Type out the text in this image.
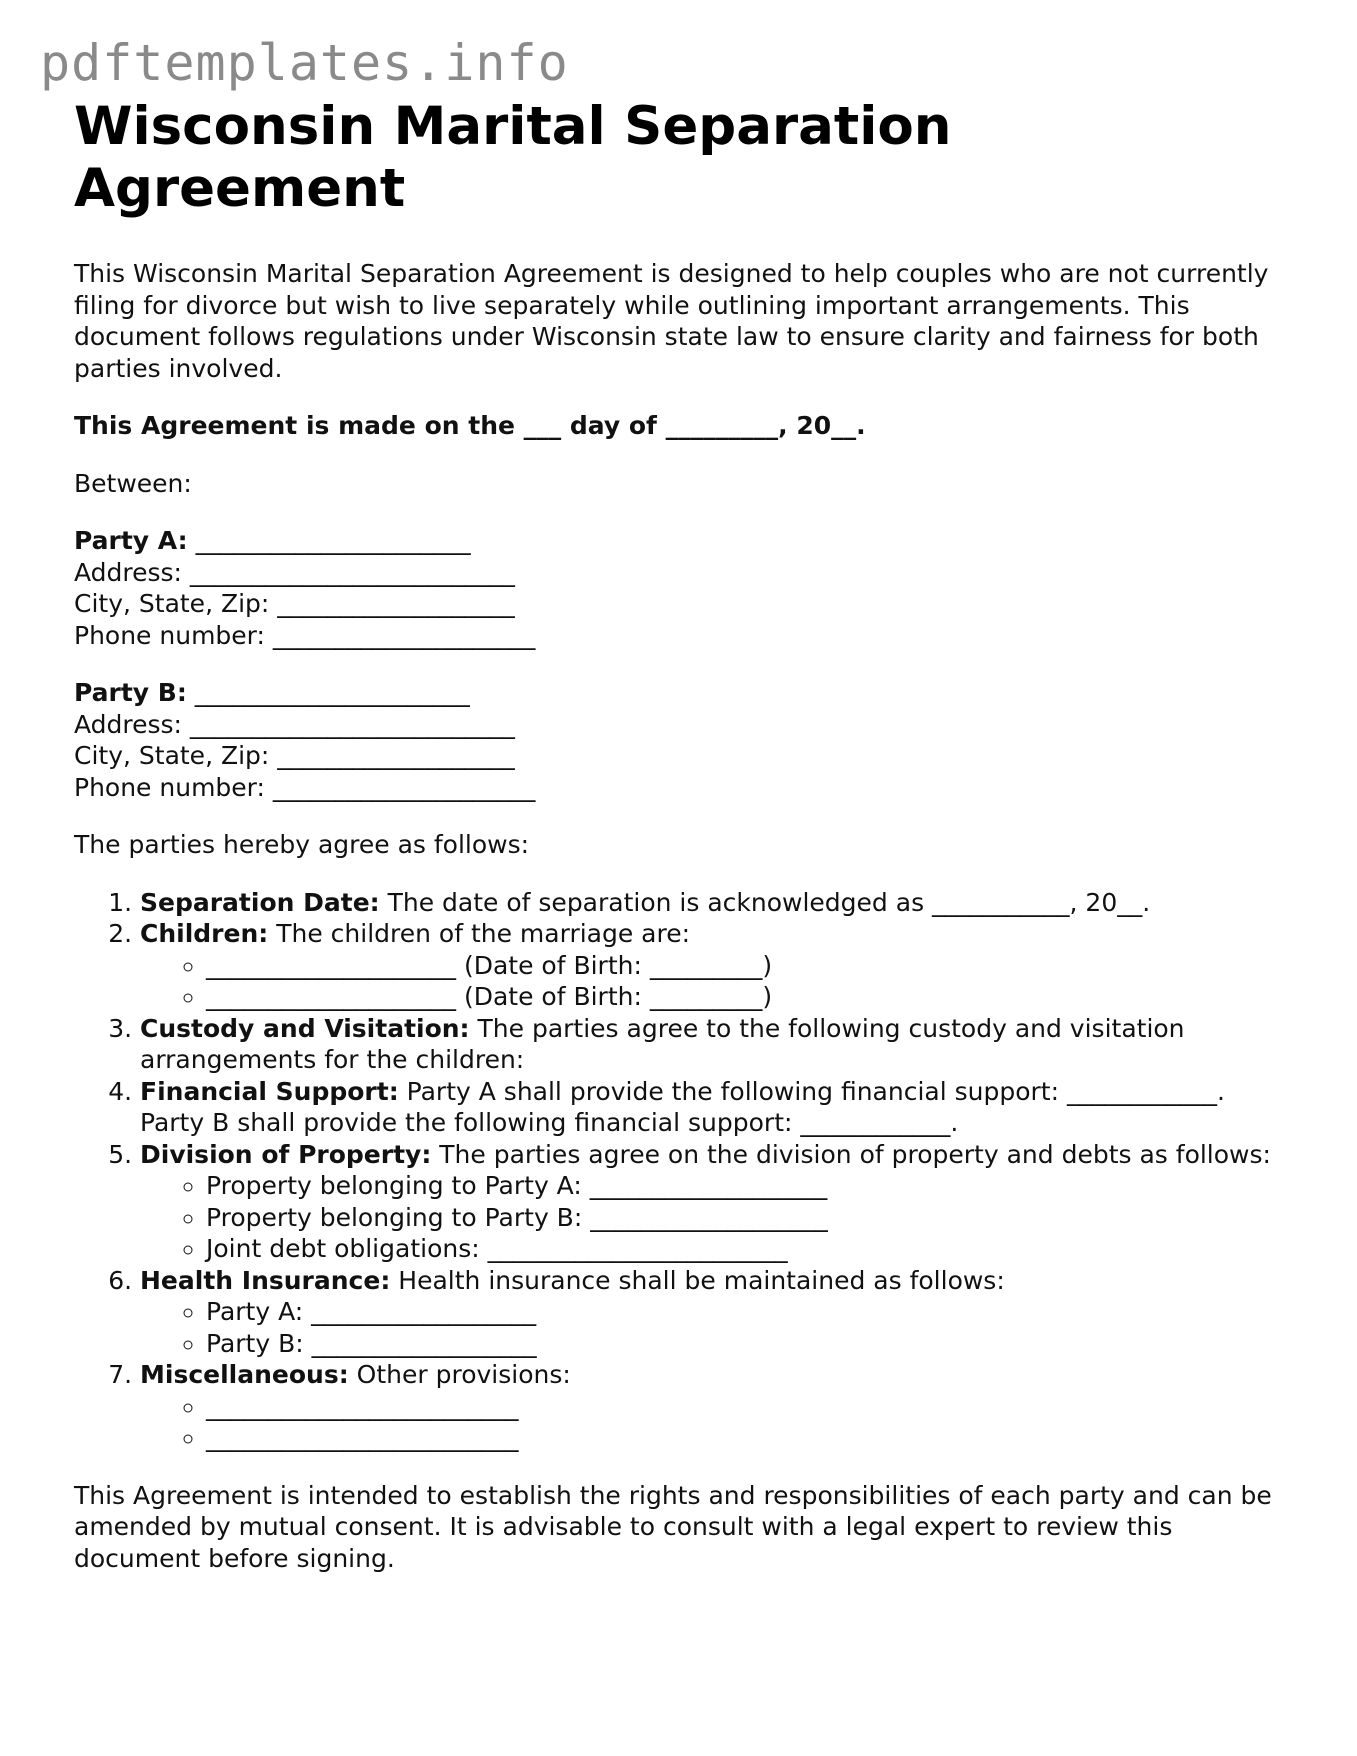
pdftemplates.info
Wisconsin Marital Separation Agreement

This Wisconsin Marital Separation Agreement is designed to help couples who are not currently filing for divorce but wish to live separately while outlining important arrangements. This document follows regulations under Wisconsin state law to ensure clarity and fairness for both parties involved.

This Agreement is made on the ___ day of _________, 20__.

Between:

Party A: ______________________
Address: __________________________
City, State, Zip: ___________________
Phone number: _____________________
Party B: ______________________
Address: __________________________
City, State, Zip: ___________________
Phone number: _____________________

The parties hereby agree as follows:

1. Separation Date: The date of separation is acknowledged as ___________, 20__.
2. Children: The children of the marriage are:
◦ ____________________ (Date of Birth: _________)
◦ ____________________ (Date of Birth: _________)
3. Custody and Visitation: The parties agree to the following custody and visitation arrangements for the children:
4. Financial Support: Party A shall provide the following financial support: ____________.
Party B shall provide the following financial support: ____________.
5. Division of Property: The parties agree on the division of property and debts as follows:
◦ Property belonging to Party A: ___________________
◦ Property belonging to Party B: ___________________
◦ Joint debt obligations: ________________________
6. Health Insurance: Health insurance shall be maintained as follows:
◦ Party A: __________________
◦ Party B: __________________
7. Miscellaneous: Other provisions:
◦ _________________________
◦ _________________________

This Agreement is intended to establish the rights and responsibilities of each party and can be amended by mutual consent. It is advisable to consult with a legal expert to review this document before signing.
